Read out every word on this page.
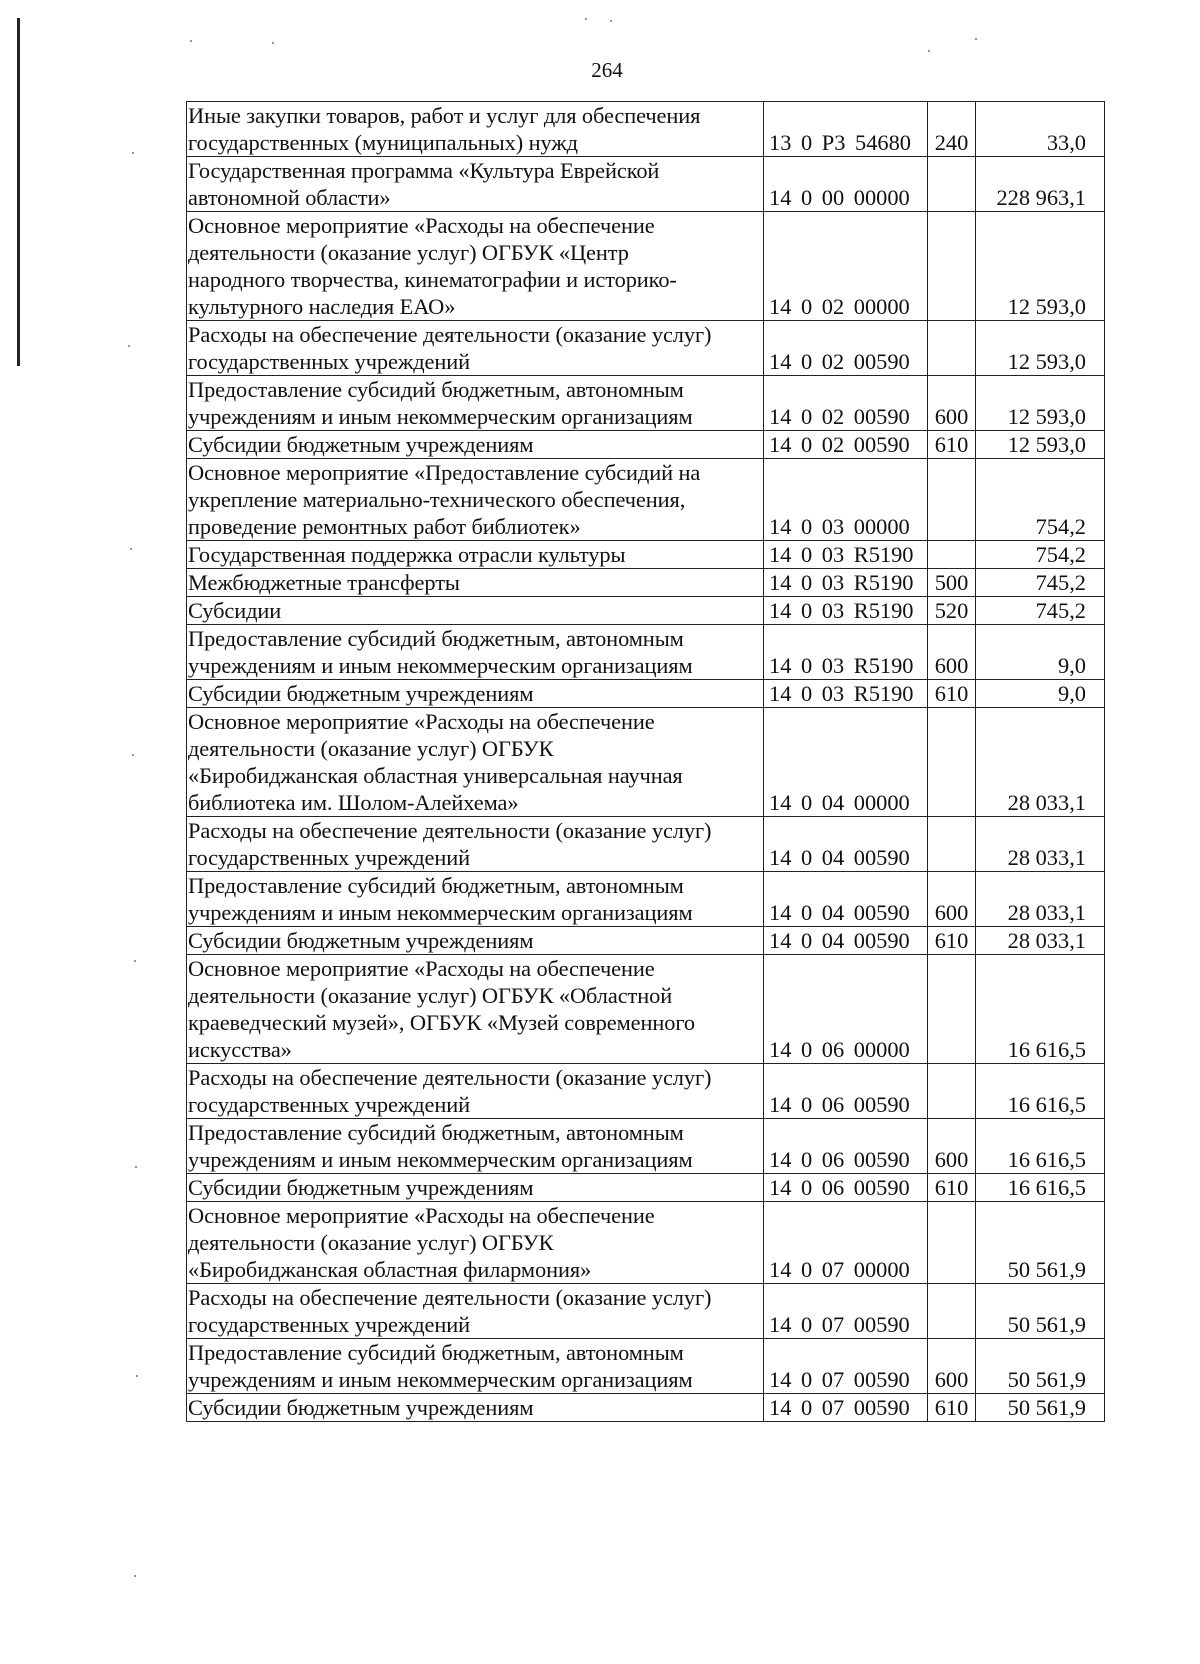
264
Иные закупки товаров, работ и услуг для обеспечения
государственных (муниципальных) нужд	13 0 Р3 54680	240	33,0
Государственная программа «Культура Еврейской
автономной области»	14 0 00 00000		228 963,1
Основное мероприятие «Расходы на обеспечение
деятельности (оказание услуг) ОГБУК «Центр
народного творчества, кинематографии и историко-
культурного наследия ЕАО»	14 0 02 00000		12 593,0
Расходы на обеспечение деятельности (оказание услуг)
государственных учреждений	14 0 02 00590		12 593,0
Предоставление субсидий бюджетным, автономным
учреждениям и иным некоммерческим организациям	14 0 02 00590	600	12 593,0
Субсидии бюджетным учреждениям	14 0 02 00590	610	12 593,0
Основное мероприятие «Предоставление субсидий на
укрепление материально-технического обеспечения,
проведение ремонтных работ библиотек»	14 0 03 00000		754,2
Государственная поддержка отрасли культуры	14 0 03 R5190		754,2
Межбюджетные трансферты	14 0 03 R5190	500	745,2
Субсидии	14 0 03 R5190	520	745,2
Предоставление субсидий бюджетным, автономным
учреждениям и иным некоммерческим организациям	14 0 03 R5190	600	9,0
Субсидии бюджетным учреждениям	14 0 03 R5190	610	9,0
Основное мероприятие «Расходы на обеспечение
деятельности (оказание услуг) ОГБУК
«Биробиджанская областная универсальная научная
библиотека им. Шолом-Алейхема»	14 0 04 00000		28 033,1
Расходы на обеспечение деятельности (оказание услуг)
государственных учреждений	14 0 04 00590		28 033,1
Предоставление субсидий бюджетным, автономным
учреждениям и иным некоммерческим организациям	14 0 04 00590	600	28 033,1
Субсидии бюджетным учреждениям	14 0 04 00590	610	28 033,1
Основное мероприятие «Расходы на обеспечение
деятельности (оказание услуг) ОГБУК «Областной
краеведческий музей», ОГБУК «Музей современного
искусства»	14 0 06 00000		16 616,5
Расходы на обеспечение деятельности (оказание услуг)
государственных учреждений	14 0 06 00590		16 616,5
Предоставление субсидий бюджетным, автономным
учреждениям и иным некоммерческим организациям	14 0 06 00590	600	16 616,5
Субсидии бюджетным учреждениям	14 0 06 00590	610	16 616,5
Основное мероприятие «Расходы на обеспечение
деятельности (оказание услуг) ОГБУК
«Биробиджанская областная филармония»	14 0 07 00000		50 561,9
Расходы на обеспечение деятельности (оказание услуг)
государственных учреждений	14 0 07 00590		50 561,9
Предоставление субсидий бюджетным, автономным
учреждениям и иным некоммерческим организациям	14 0 07 00590	600	50 561,9
Субсидии бюджетным учреждениям	14 0 07 00590	610	50 561,9
